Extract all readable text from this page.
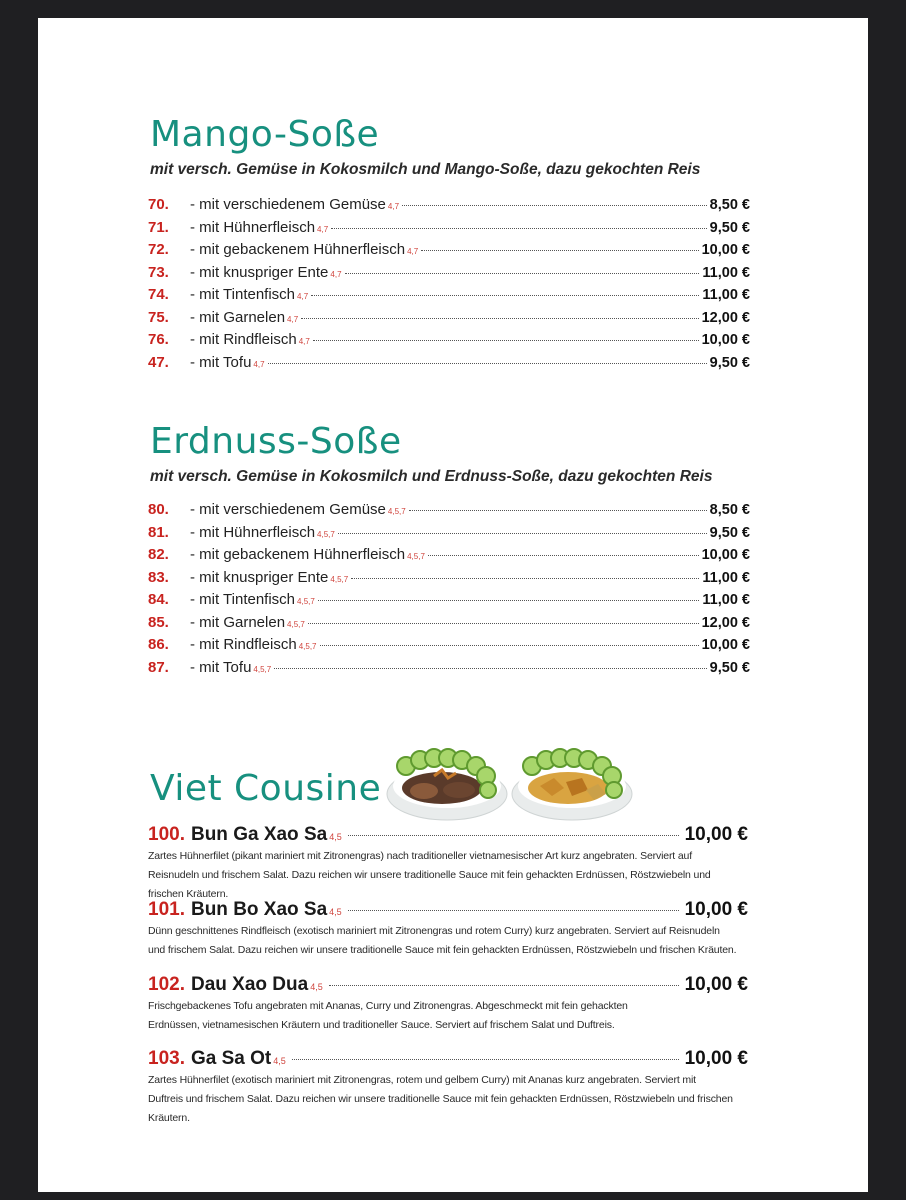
Mango-Soße
mit versch. Gemüse in Kokosmilch und Mango-Soße, dazu gekochten Reis
70.	- mit verschiedenem Gemüse 4,7	8,50 €
71.	- mit Hühnerfleisch 4,7	9,50 €
72.	- mit gebackenem Hühnerfleisch 4,7	10,00 €
73.	- mit knuspriger Ente 4,7	11,00 €
74.	- mit Tintenfisch 4,7	11,00 €
75.	- mit Garnelen 4,7	12,00 €
76.	- mit Rindfleisch 4,7	10,00 €
47.	- mit Tofu 4,7	9,50 €
Erdnuss-Soße
mit versch. Gemüse in Kokosmilch und Erdnuss-Soße, dazu gekochten Reis
80.	- mit verschiedenem Gemüse 4,5,7	8,50 €
81.	- mit Hühnerfleisch 4,5,7	9,50 €
82.	- mit gebackenem Hühnerfleisch 4,5,7	10,00 €
83.	- mit knuspriger Ente 4,5,7	11,00 €
84.	- mit Tintenfisch 4,5,7	11,00 €
85.	- mit Garnelen 4,5,7	12,00 €
86.	- mit Rindfleisch 4,5,7	10,00 €
87.	- mit Tofu 4,5,7	9,50 €
Viet Cousine
100. Bun Ga Xao Sa 4,5	10,00 €
Zartes Hühnerfilet (pikant mariniert mit Zitronengras) nach traditioneller vietnamesischer Art kurz angebraten. Serviert auf
Reisnudeln und frischem Salat. Dazu reichen wir unsere traditionelle Sauce mit fein gehackten Erdnüssen, Röstzwiebeln und frischen Kräutern.
101. Bun Bo Xao Sa 4,5	10,00 €
Dünn geschnittenes Rindfleisch (exotisch mariniert mit Zitronengras und rotem Curry) kurz angebraten. Serviert auf Reisnudeln
und frischem Salat. Dazu reichen wir unsere traditionelle Sauce mit fein gehackten Erdnüssen, Röstzwiebeln und frischen Kräuten.
102. Dau Xao Dua 4,5	10,00 €
Frischgebackenes Tofu angebraten mit Ananas, Curry und Zitronengras. Abgeschmeckt mit fein gehackten
Erdnüssen, vietnamesischen Kräutern und traditioneller Sauce. Serviert auf frischem Salat und Duftreis.
103. Ga Sa Ot 4,5	10,00 €
Zartes Hühnerfilet (exotisch mariniert mit Zitronengras, rotem und gelbem Curry) mit Ananas kurz angebraten. Serviert mit
Duftreis und frischem Salat. Dazu reichen wir unsere traditionelle Sauce mit fein gehackten Erdnüssen, Röstzwiebeln und frischen Kräutern.
